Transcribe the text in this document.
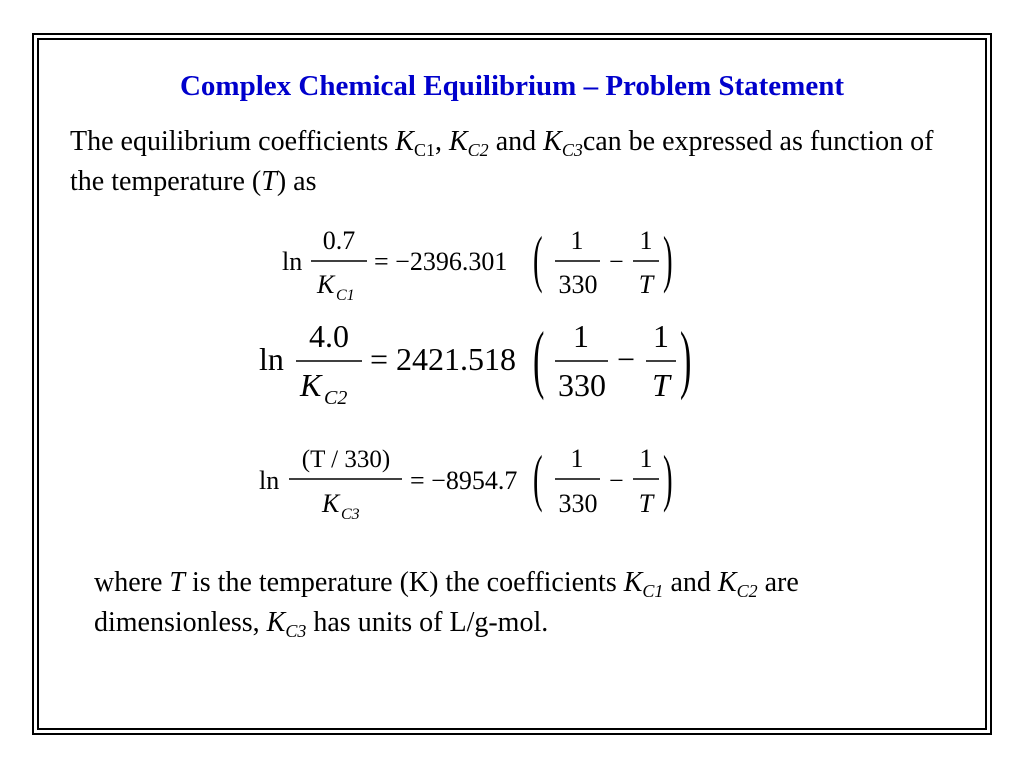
Complex Chemical Equilibrium – Problem Statement
The equilibrium coefficients $K_{C1}$, $K_{C2}$ and $K_{C3}can$ be expressed as function of the temperature (T) as
ln
0.7
K C1
= −2396.301 ( 1
330
−
1
T )
ln
4.0
K C2
= 2421.518 ( 1
330
−
1
T )
ln
(T / 330)
K C3
= −8954.7 ( 1
330
−
1
T )
where T is the temperature (K) the coefficients $K_{C1}$ and $K_{C2}$ are dimensionless, $K_{C3}$ has units of L/g-mol.
